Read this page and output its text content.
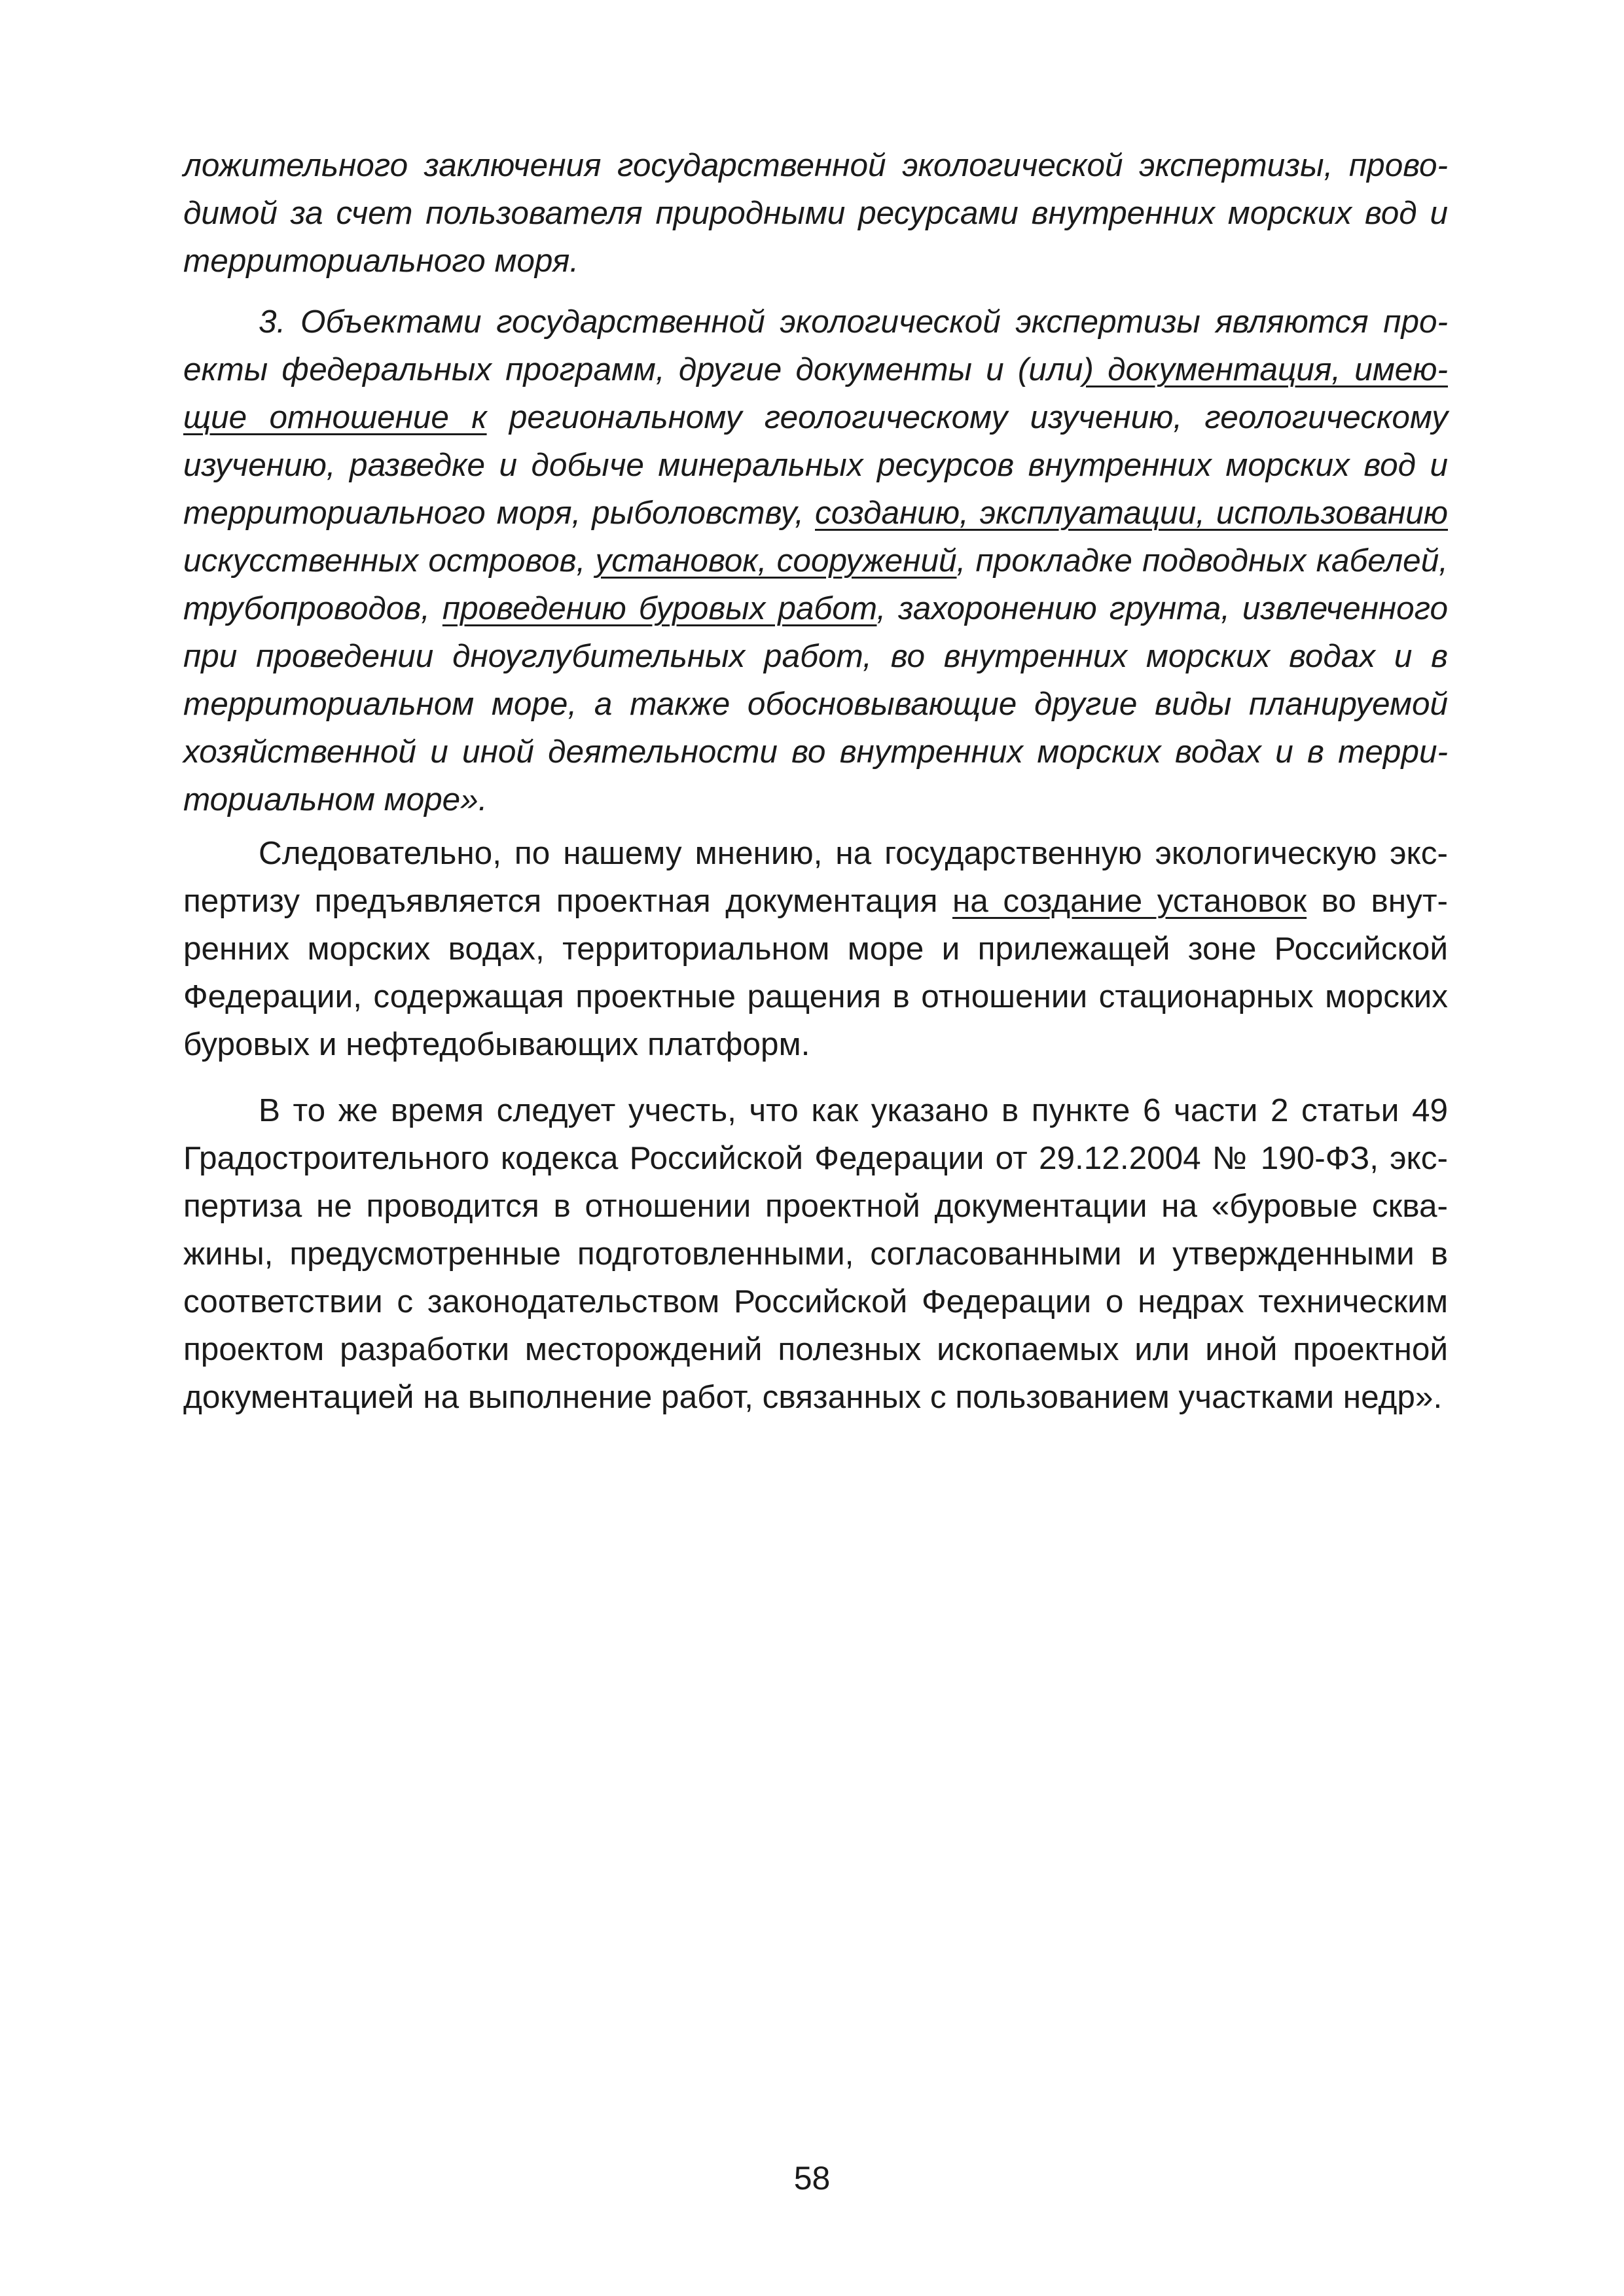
ложительного заключения государственной экологической экспертизы, проводимой за счет пользователя природными ресурсами внутренних морских вод и территориального моря.

3. Объектами государственной экологической экспертизы являются проекты федеральных программ, другие документы и (или) документация, имеющие отношение к региональному геологическому изучению, геологическому изучению, разведке и добыче минеральных ресурсов внутренних морских вод и территориального моря, рыболовству, созданию, эксплуатации, использованию искусственных островов, установок, сооружений, прокладке подводных кабелей, трубопроводов, проведению буровых работ, захоронению грунта, извлеченного при проведении дноуглубительных работ, во внутренних морских водах и в территориальном море, а также обосновывающие другие виды планируемой хозяйственной и иной деятельности во внутренних морских водах и в территориальном море».

Следовательно, по нашему мнению, на государственную экологическую экспертизу предъявляется проектная документация на создание установок во внутренних морских водах, территориальном море и прилежащей зоне Российской Федерации, содержащая проектные ращения в отношении стационарных морских буровых и нефтедобывающих платформ.

В то же время следует учесть, что как указано в пункте 6 части 2 статьи 49 Градостроительного кодекса Российской Федерации от 29.12.2004 № 190-ФЗ, экспертиза не проводится в отношении проектной документации на «буровые скважины, предусмотренные подготовленными, согласованными и утвержденными в соответствии с законодательством Российской Федерации о недрах техническим проектом разработки месторождений полезных ископаемых или иной проектной документацией на выполнение работ, связанных с пользованием участками недр».

58
